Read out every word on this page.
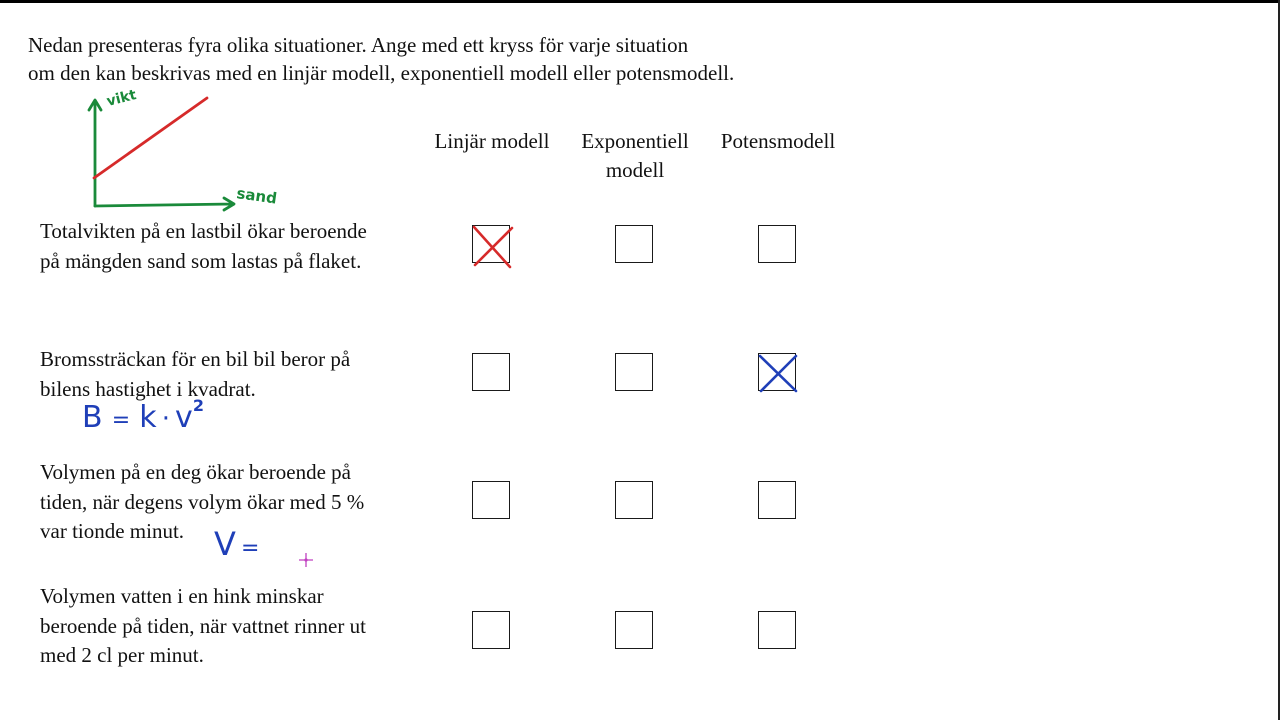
Nedan presenteras fyra olika situationer. Ange med ett kryss för varje situation
om den kan beskrivas med en linjär modell, exponentiell modell eller potensmodell.
vikt
sand
Linjär modell	Exponentiell
modell
Potensmodell
Totalvikten på en lastbil ökar beroende
på mängden sand som lastas på flaket.
Bromssträckan för en bil bil beror på
bilens hastighet i kvadrat.
B = k · v2
Volymen på en deg ökar beroende på
tiden, när degens volym ökar med 5 %
var tionde minut. V =
Volymen vatten i en hink minskar
beroende på tiden, när vattnet rinner ut
med 2 cl per minut.
